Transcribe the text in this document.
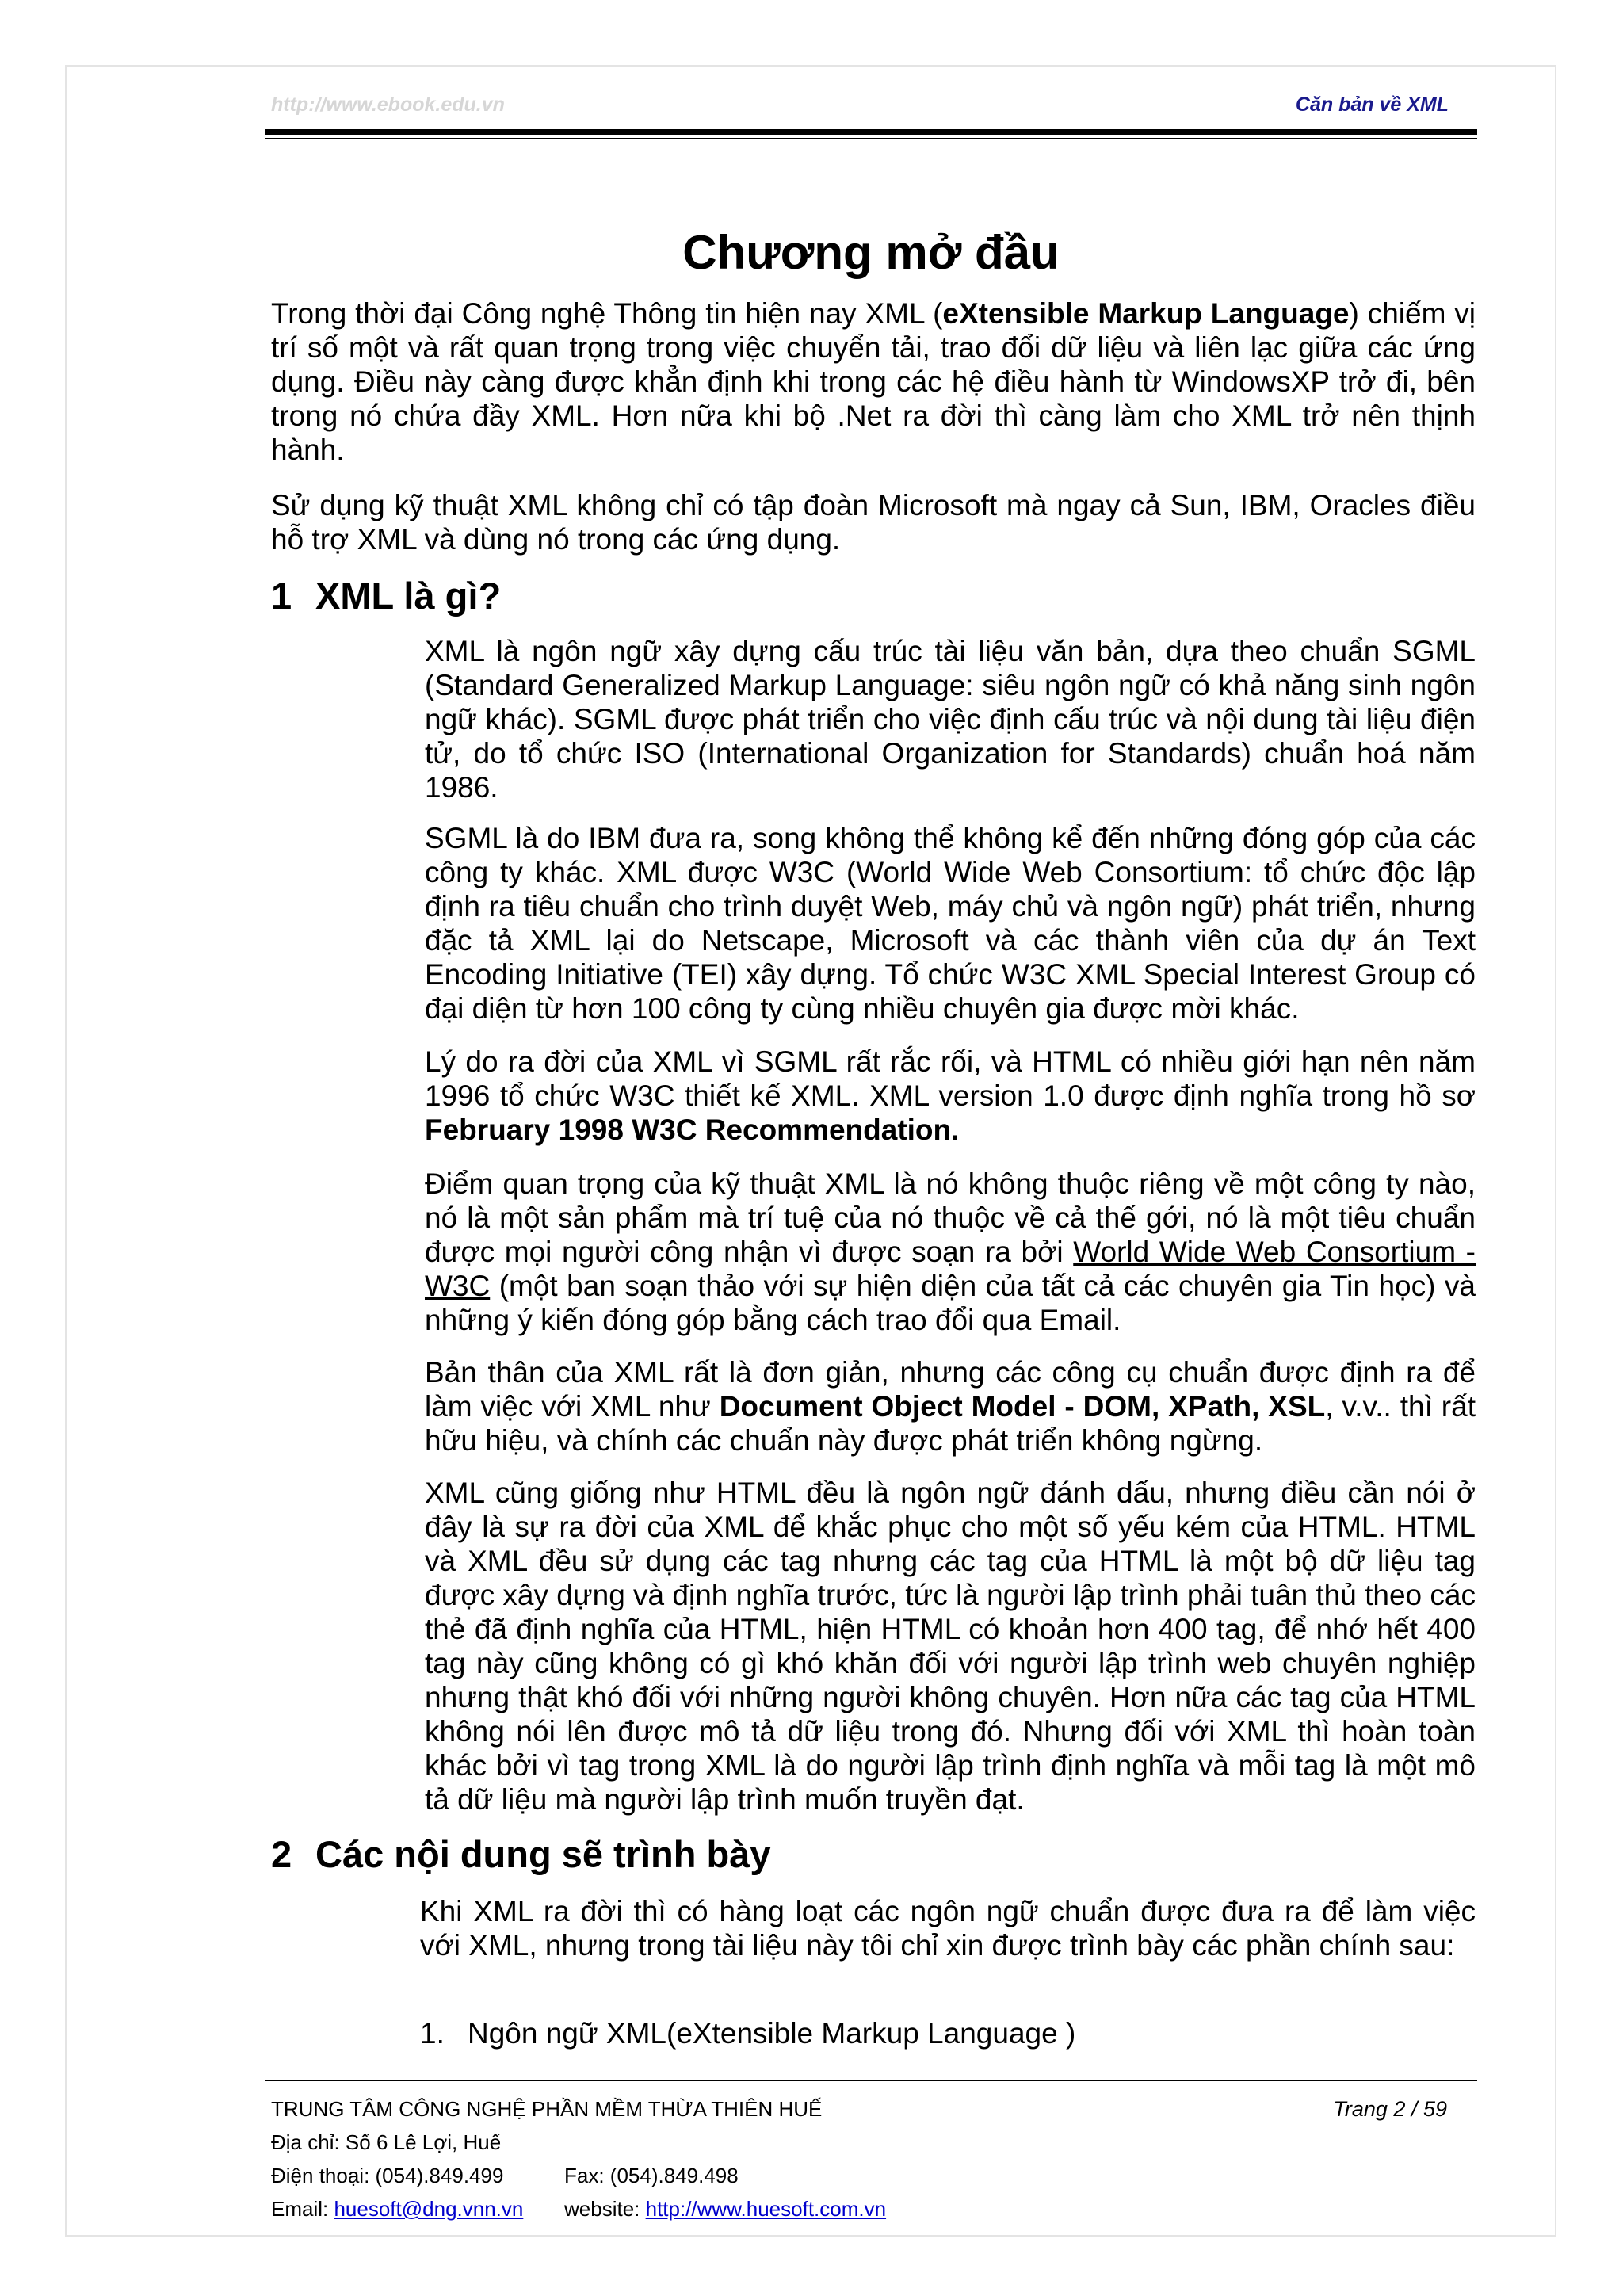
http://www.ebook.edu.vn	Căn bản về XML
Chương mở đầu

Trong thời đại Công nghệ Thông tin hiện nay XML (eXtensible Markup Language) chiếm vị trí số một và rất quan trọng trong việc chuyển tải, trao đổi dữ liệu và liên lạc giữa các ứng dụng. Điều này càng được khẳn định khi trong các hệ điều hành từ WindowsXP trở đi, bên trong nó chứa đầy XML. Hơn nữa khi bộ .Net ra đời thì càng làm cho XML trở nên thịnh hành.

Sử dụng kỹ thuật XML không chỉ có tập đoàn Microsoft mà ngay cả Sun, IBM, Oracles điều hỗ trợ XML và dùng nó trong các ứng dụng.

1 XML là gì?

XML là ngôn ngữ xây dựng cấu trúc tài liệu văn bản, dựa theo chuẩn SGML (Standard Generalized Markup Language: siêu ngôn ngữ có khả năng sinh ngôn ngữ khác). SGML được phát triển cho việc định cấu trúc và nội dung tài liệu điện tử, do tổ chức ISO (International Organization for Standards) chuẩn hoá năm 1986.

SGML là do IBM đưa ra, song không thể không kể đến những đóng góp của các công ty khác. XML được W3C (World Wide Web Consortium: tổ chức độc lập định ra tiêu chuẩn cho trình duyệt Web, máy chủ và ngôn ngữ) phát triển, nhưng đặc tả XML lại do Netscape, Microsoft và các thành viên của dự án Text Encoding Initiative (TEI) xây dựng. Tổ chức W3C XML Special Interest Group có đại diện từ hơn 100 công ty cùng nhiều chuyên gia được mời khác.

Lý do ra đời của XML vì SGML rất rắc rối, và HTML có nhiều giới hạn nên năm 1996 tổ chức W3C thiết kế XML. XML version 1.0 được định nghĩa trong hồ sơ February 1998 W3C Recommendation.

Điểm quan trọng của kỹ thuật XML là nó không thuộc riêng về một công ty nào, nó là một sản phẩm mà trí tuệ của nó thuộc về cả thế gới, nó là một tiêu chuẩn được mọi người công nhận vì được soạn ra bởi World Wide Web Consortium - W3C (một ban soạn thảo với sự hiện diện của tất cả các chuyên gia Tin học) và những ý kiến đóng góp bằng cách trao đổi qua Email.

Bản thân của XML rất là đơn giản, nhưng các công cụ chuẩn được định ra để làm việc với XML như Document Object Model - DOM, XPath, XSL, v.v.. thì rất hữu hiệu, và chính các chuẩn này được phát triển không ngừng.

XML cũng giống như HTML đều là ngôn ngữ đánh dấu, nhưng điều cần nói ở đây là sự ra đời của XML để khắc phục cho một số yếu kém của HTML. HTML và XML đều sử dụng các tag nhưng các tag của HTML là một bộ dữ liệu tag được xây dựng và định nghĩa trước, tức là người lập trình phải tuân thủ theo các thẻ đã định nghĩa của HTML, hiện HTML có khoản hơn 400 tag, để nhớ hết 400 tag này cũng không có gì khó khăn đối với người lập trình web chuyên nghiệp nhưng thật khó đối với những người không chuyên. Hơn nữa các tag của HTML không nói lên được mô tả dữ liệu trong đó. Nhưng đối với XML thì hoàn toàn khác bởi vì tag trong XML là do người lập trình định nghĩa và mỗi tag là một mô tả dữ liệu mà người lập trình muốn truyền đạt.

2 Các nội dung sẽ trình bày

Khi XML ra đời thì có hàng loạt các ngôn ngữ chuẩn được đưa ra để làm việc với XML, nhưng trong tài liệu này tôi chỉ xin được trình bày các phần chính sau:

1. Ngôn ngữ XML(eXtensible Markup Language )
TRUNG TÂM CÔNG NGHỆ PHẦN MỀM THỪA THIÊN HUẾ	Trang 2 / 59
Địa chỉ: Số 6 Lê Lợi, Huế
Điện thoại: (054).849.499	Fax: (054).849.498
Email: huesoft@dng.vnn.vn website: http://www.huesoft.com.vn
